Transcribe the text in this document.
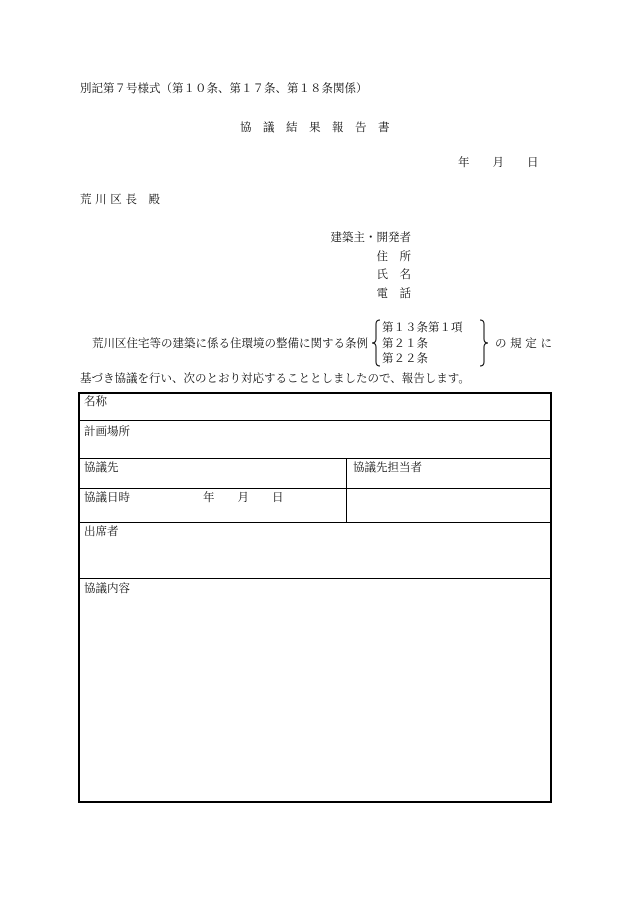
別記第７号様式（第１０条、第１７条、第１８条関係）
協　議　結　果　報　告　書
年　　月　　日
荒 川 区 長　殿
建築主・開発者
住　所
氏　名
電　話
荒川区住宅等の建築に係る住環境の整備に関する条例
第１３条第１項
第２１条
第２２条
の 規 定 に
基づき協議を行い、次のとおり対応することとしましたので、報告します。
名称
計画場所
協議先	協議先担当者
協議日時	年　　月　　日
出席者
協議内容
